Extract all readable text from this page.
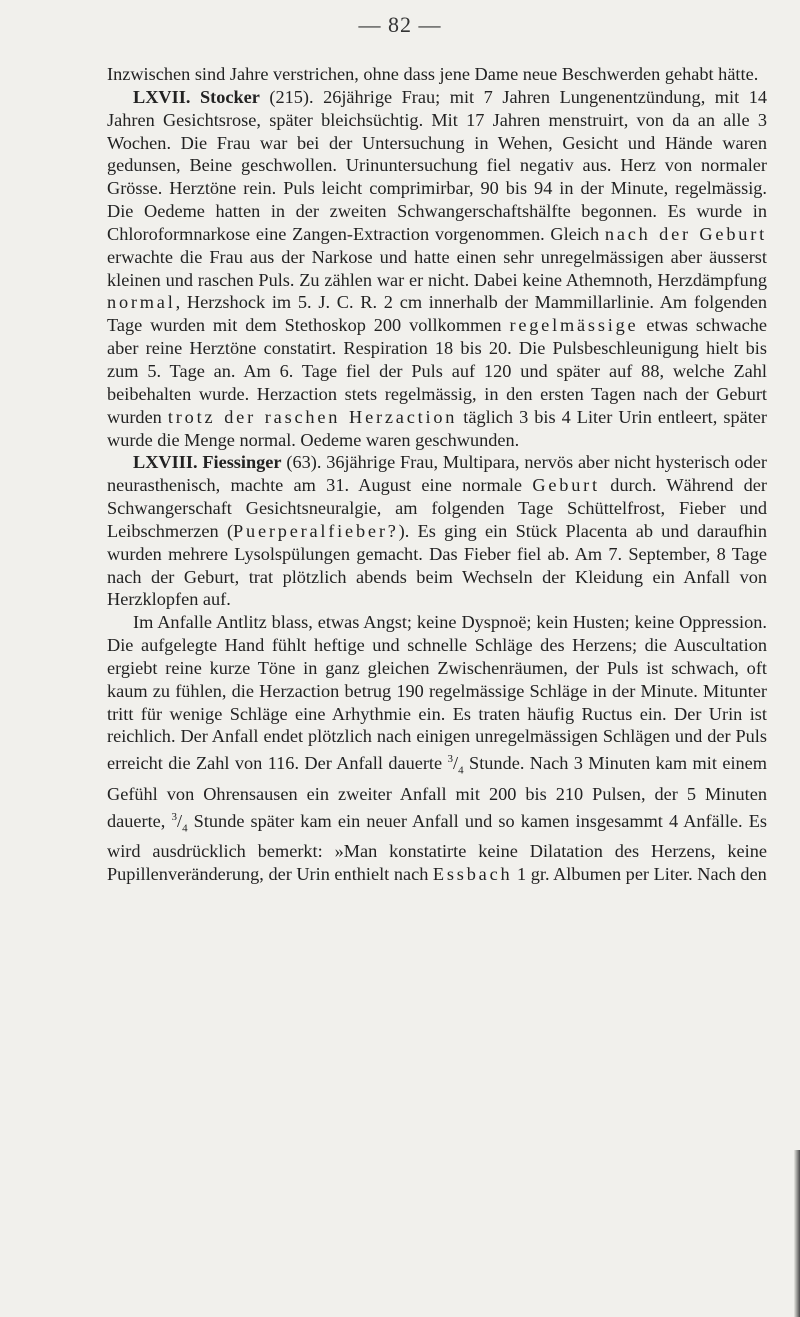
— 82 —

Inzwischen sind Jahre verstrichen, ohne dass jene Dame neue Beschwerden gehabt hätte.

LXVII. Stocker (215). 26jährige Frau; mit 7 Jahren Lungenentzündung, mit 14 Jahren Gesichtsrose, später bleichsüchtig. Mit 17 Jahren menstruirt, von da an alle 3 Wochen. Die Frau war bei der Untersuchung in Wehen, Gesicht und Hände waren gedunsen, Beine geschwollen. Urinuntersuchung fiel negativ aus. Herz von normaler Grösse. Herztöne rein. Puls leicht comprimirbar, 90 bis 94 in der Minute, regelmässig. Die Oedeme hatten in der zweiten Schwangerschaftshälfte begonnen. Es wurde in Chloroformnarkose eine Zangen-Extraction vorgenommen. Gleich nach der Geburt erwachte die Frau aus der Narkose und hatte einen sehr unregelmässigen aber äusserst kleinen und raschen Puls. Zu zählen war er nicht. Dabei keine Athemnoth, Herzdämpfung normal, Herzshock im 5. J. C. R. 2 cm innerhalb der Mammillarlinie. Am folgenden Tage wurden mit dem Stethoskop 200 vollkommen regelmässige etwas schwache aber reine Herztöne constatirt. Respiration 18 bis 20. Die Pulsbeschleunigung hielt bis zum 5. Tage an. Am 6. Tage fiel der Puls auf 120 und später auf 88, welche Zahl beibehalten wurde. Herzaction stets regelmässig, in den ersten Tagen nach der Geburt wurden trotz der raschen Herzaction täglich 3 bis 4 Liter Urin entleert, später wurde die Menge normal. Oedeme waren geschwunden.

LXVIII. Fiessinger (63). 36jährige Frau, Multipara, nervös aber nicht hysterisch oder neurasthenisch, machte am 31. August eine normale Geburt durch. Während der Schwangerschaft Gesichtsneuralgie, am folgenden Tage Schüttelfrost, Fieber und Leibschmerzen (Puerperalfieber?). Es ging ein Stück Placenta ab und daraufhin wurden mehrere Lysolspülungen gemacht. Das Fieber fiel ab. Am 7. September, 8 Tage nach der Geburt, trat plötzlich abends beim Wechseln der Kleidung ein Anfall von Herzklopfen auf.

Im Anfalle Antlitz blass, etwas Angst; keine Dyspnoë; kein Husten; keine Oppression. Die aufgelegte Hand fühlt heftige und schnelle Schläge des Herzens; die Auscultation ergiebt reine kurze Töne in ganz gleichen Zwischenräumen, der Puls ist schwach, oft kaum zu fühlen, die Herzaction betrug 190 regelmässige Schläge in der Minute. Mitunter tritt für wenige Schläge eine Arhythmie ein. Es traten häufig Ructus ein. Der Urin ist reichlich. Der Anfall endet plötzlich nach einigen unregelmässigen Schlägen und der Puls erreicht die Zahl von 116. Der Anfall dauerte $^3/_4$ Stunde. Nach 3 Minuten kam mit einem Gefühl von Ohrensausen ein zweiter Anfall mit 200 bis 210 Pulsen, der 5 Minuten dauerte, $^3/_4$ Stunde später kam ein neuer Anfall und so kamen insgesammt 4 Anfälle. Es wird ausdrücklich bemerkt: »Man konstatirte keine Dilatation des Herzens, keine Pupillenveränderung, der Urin enthielt nach Essbach 1 gr. Albumen per Liter. Nach den
